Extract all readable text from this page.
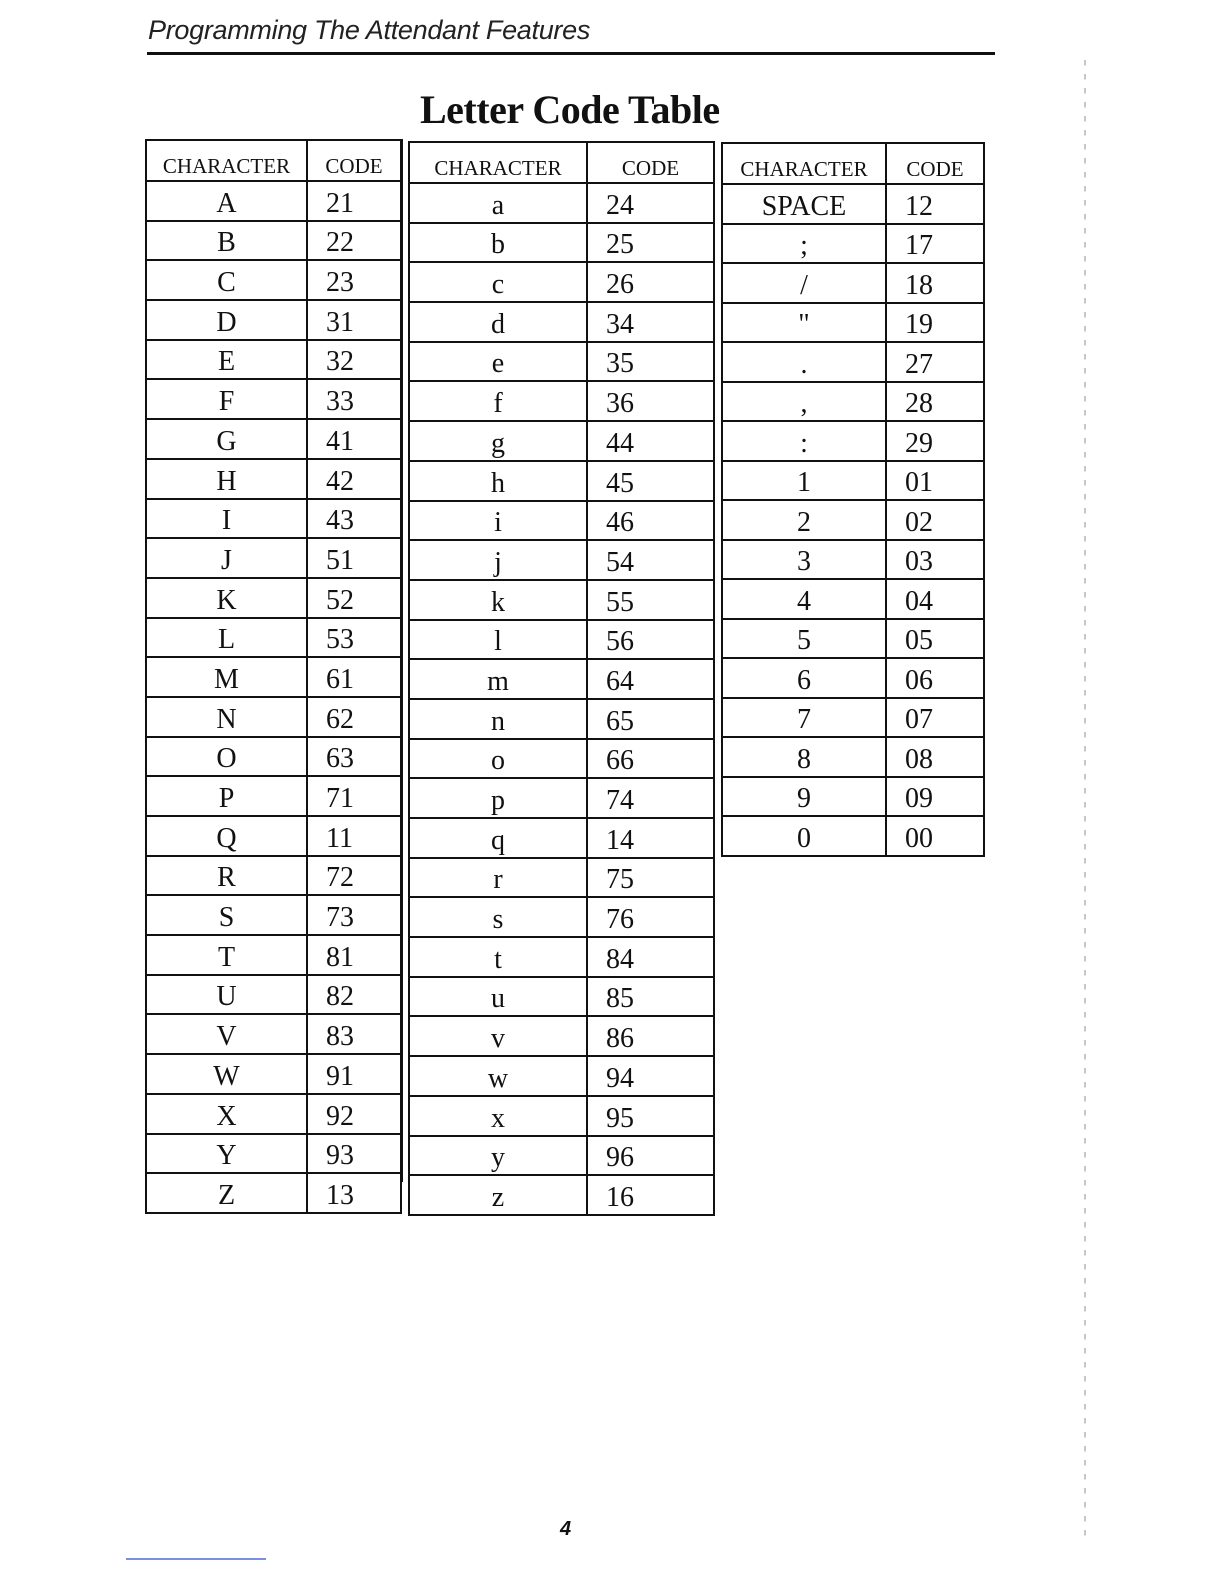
Programming The Attendant Features
Letter Code Table
CHARACTER	CODE
A	21
B	22
C	23
D	31
E	32
F	33
G	41
H	42
I	43
J	51
K	52
L	53
M	61
N	62
O	63
P	71
Q	11
R	72
S	73
T	81
U	82
V	83
W	91
X	92
Y	93
Z	13
CHARACTER	CODE
a	24
b	25
c	26
d	34
e	35
f	36
g	44
h	45
i	46
j	54
k	55
l	56
m	64
n	65
o	66
p	74
q	14
r	75
s	76
t	84
u	85
v	86
w	94
x	95
y	96
z	16
CHARACTER	CODE
SPACE	12
;	17
/	18
"	19
.	27
,	28
:	29
1	01
2	02
3	03
4	04
5	05
6	06
7	07
8	08
9	09
0	00
4
